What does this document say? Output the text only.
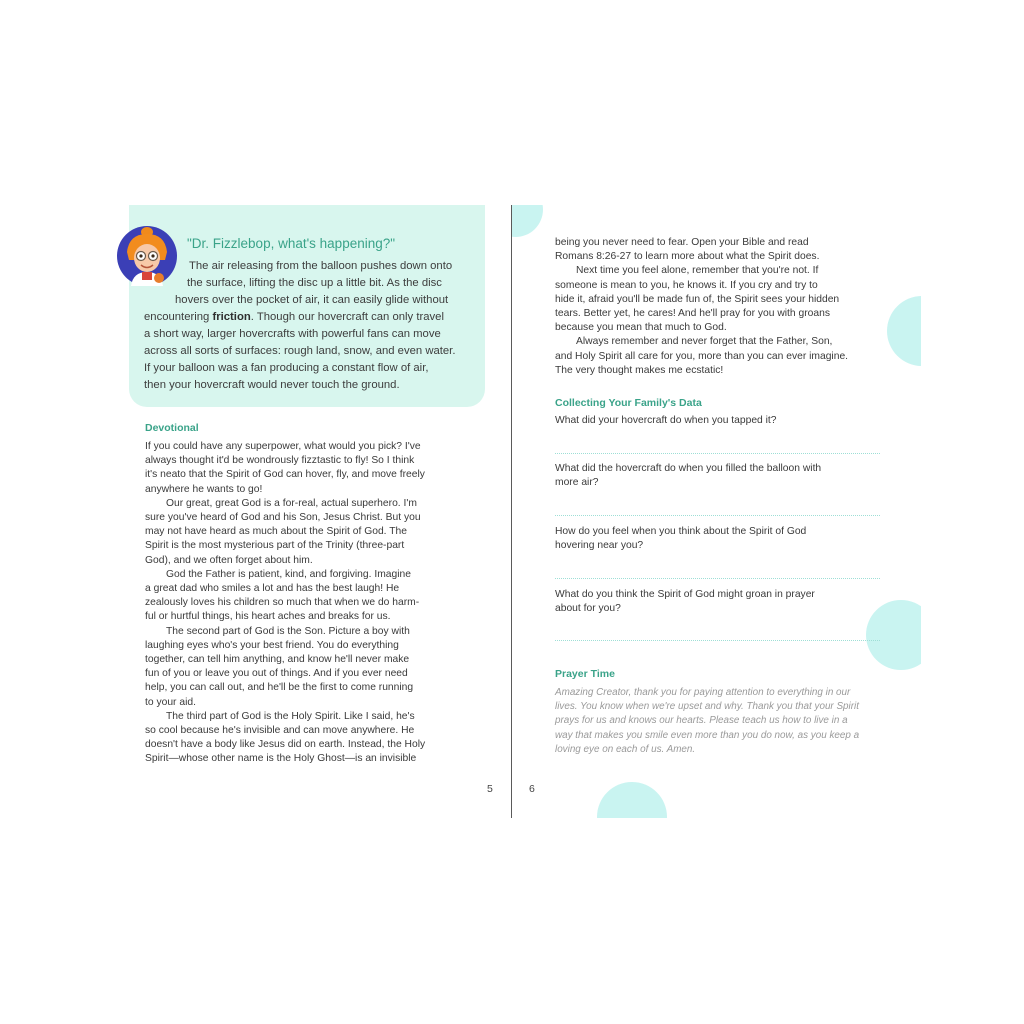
"Dr. Fizzlebop, what's happening?"
The air releasing from the balloon pushes down onto
the surface, lifting the disc up a little bit. As the disc
hovers over the pocket of air, it can easily glide without
encountering friction. Though our hovercraft can only travel
a short way, larger hovercrafts with powerful fans can move
across all sorts of surfaces: rough land, snow, and even water.
If your balloon was a fan producing a constant flow of air,
then your hovercraft would never touch the ground.
Devotional
If you could have any superpower, what would you pick? I've
always thought it'd be wondrously fizztastic to fly! So I think
it's neato that the Spirit of God can hover, fly, and move freely
anywhere he wants to go!
Our great, great God is a for-real, actual superhero. I'm
sure you've heard of God and his Son, Jesus Christ. But you
may not have heard as much about the Spirit of God. The
Spirit is the most mysterious part of the Trinity (three-part
God), and we often forget about him.
God the Father is patient, kind, and forgiving. Imagine
a great dad who smiles a lot and has the best laugh! He
zealously loves his children so much that when we do harm-
ful or hurtful things, his heart aches and breaks for us.
The second part of God is the Son. Picture a boy with
laughing eyes who's your best friend. You do everything
together, can tell him anything, and know he'll never make
fun of you or leave you out of things. And if you ever need
help, you can call out, and he'll be the first to come running
to your aid.
The third part of God is the Holy Spirit. Like I said, he's
so cool because he's invisible and can move anywhere. He
doesn't have a body like Jesus did on earth. Instead, the Holy
Spirit—whose other name is the Holy Ghost—is an invisible
5	6
being you never need to fear. Open your Bible and read
Romans 8:26-27 to learn more about what the Spirit does.
Next time you feel alone, remember that you're not. If
someone is mean to you, he knows it. If you cry and try to
hide it, afraid you'll be made fun of, the Spirit sees your hidden
tears. Better yet, he cares! And he'll pray for you with groans
because you mean that much to God.
Always remember and never forget that the Father, Son,
and Holy Spirit all care for you, more than you can ever imagine.
The very thought makes me ecstatic!
Collecting Your Family's Data
What did your hovercraft do when you tapped it?
What did the hovercraft do when you filled the balloon with
more air?
How do you feel when you think about the Spirit of God
hovering near you?
What do you think the Spirit of God might groan in prayer
about for you?
Prayer Time
Amazing Creator, thank you for paying attention to everything in our
lives. You know when we're upset and why. Thank you that your Spirit
prays for us and knows our hearts. Please teach us how to live in a
way that makes you smile even more than you do now, as you keep a
loving eye on each of us. Amen.
